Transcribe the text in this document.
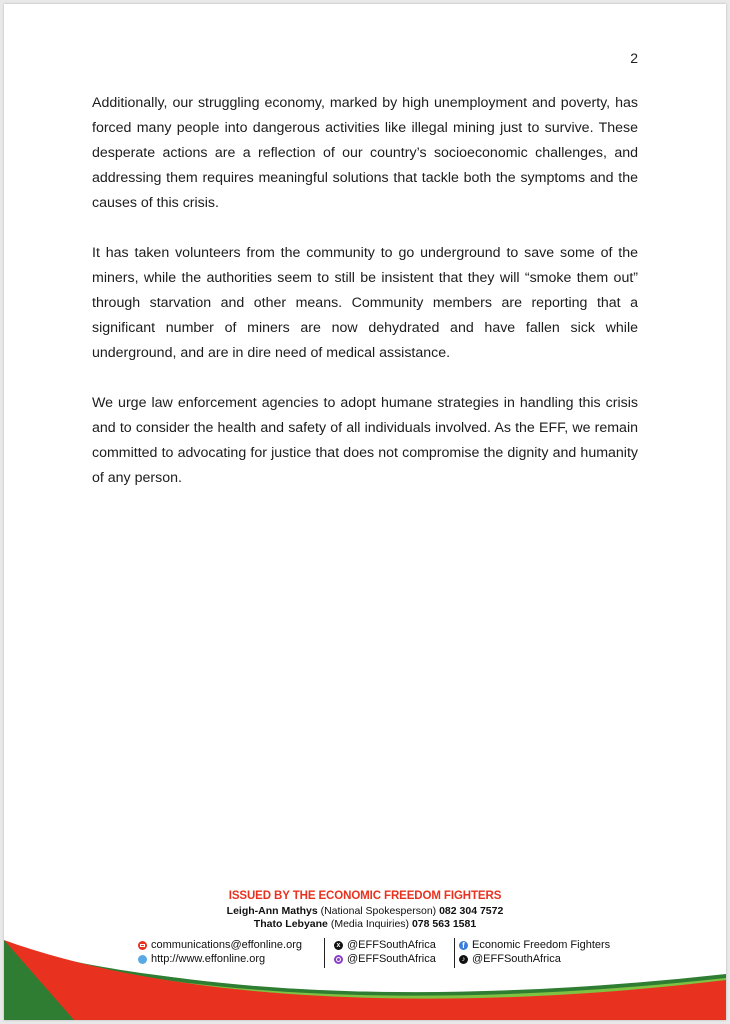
2

Additionally, our struggling economy, marked by high unemployment and poverty, has forced many people into dangerous activities like illegal mining just to survive. These desperate actions are a reflection of our country’s socioeconomic challenges, and addressing them requires meaningful solutions that tackle both the symptoms and the causes of this crisis.

It has taken volunteers from the community to go underground to save some of the miners, while the authorities seem to still be insistent that they will “smoke them out” through starvation and other means. Community members are reporting that a significant number of miners are now dehydrated and have fallen sick while underground, and are in dire need of medical assistance.

We urge law enforcement agencies to adopt humane strategies in handling this crisis and to consider the health and safety of all individuals involved. As the EFF, we remain committed to advocating for justice that does not compromise the dignity and humanity of any person.

ISSUED BY THE ECONOMIC FREEDOM FIGHTERS
Leigh-Ann Mathys (National Spokesperson) 082 304 7572
Thato Lebyane (Media Inquiries) 078 563 1581
communications@effonline.org
http://www.effonline.org
x @EFFSouthAfrica
@EFFSouthAfrica
f Economic Freedom Fighters
♪ @EFFSouthAfrica
